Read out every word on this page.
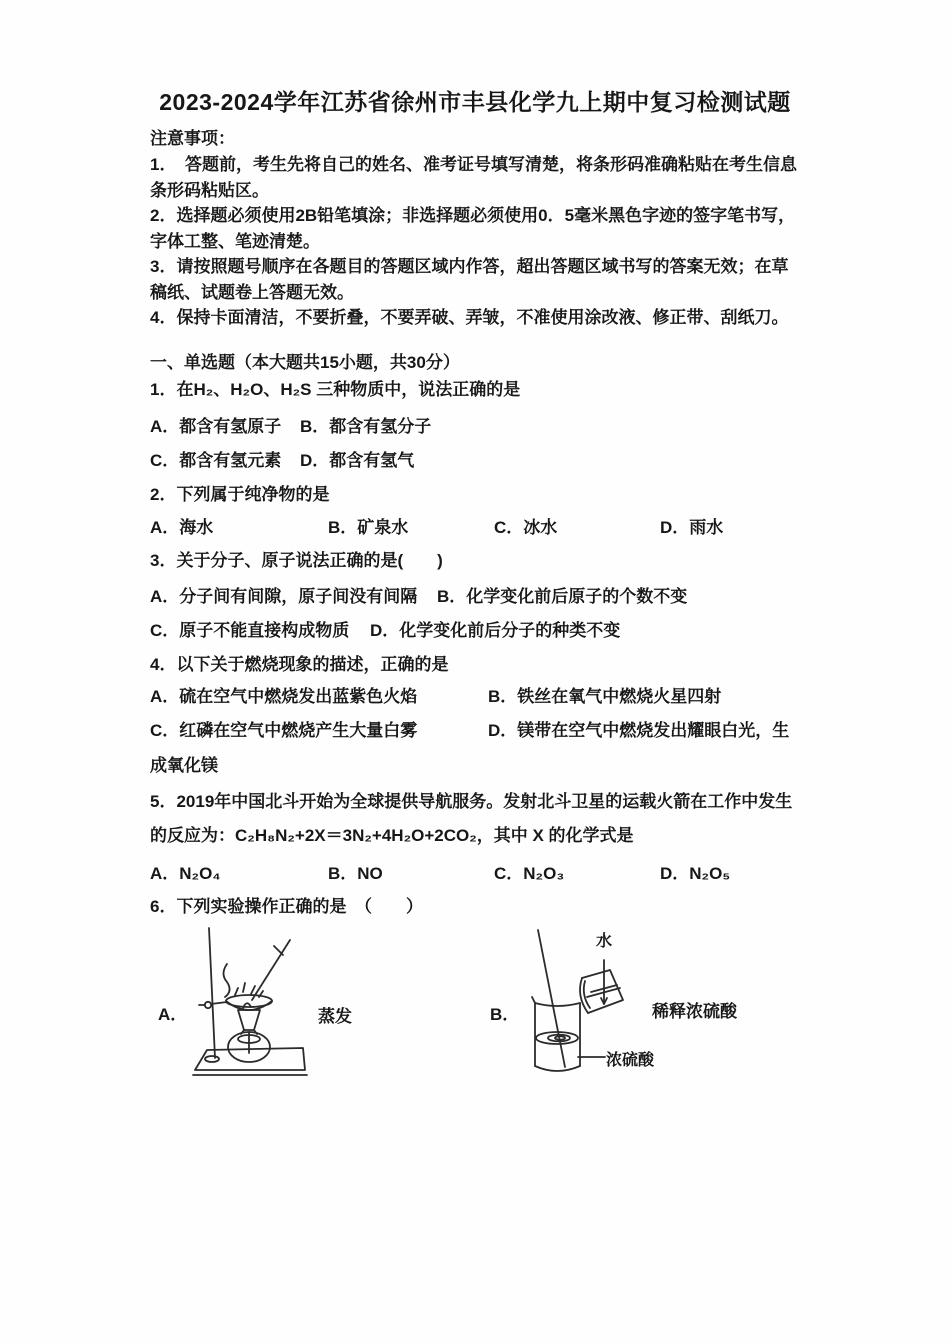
2023-2024学年江苏省徐州市丰县化学九上期中复习检测试题
注意事项：
1．　答题前，考生先将自己的姓名、准考证号填写清楚，将条形码准确粘贴在考生信息
条形码粘贴区。
2．选择题必须使用2B铅笔填涂；非选择题必须使用0．5毫米黑色字迹的签字笔书写，
字体工整、笔迹清楚。
3．请按照题号顺序在各题目的答题区域内作答，超出答题区域书写的答案无效；在草
稿纸、试题卷上答题无效。
4．保持卡面清洁，不要折叠，不要弄破、弄皱，不准使用涂改液、修正带、刮纸刀。
一、单选题（本大题共15小题，共30分）
1．在H₂、H₂O、H₂S 三种物质中，说法正确的是
A．都含有氢原子 B．都含有氢分子
C．都含有氢元素 D．都含有氢气
2．下列属于纯净物的是
A．海水	B．矿泉水	C．冰水	D．雨水
3．关于分子、原子说法正确的是(　　)
A．分子间有间隙，原子间没有间隔 B．化学变化前后原子的个数不变
C．原子不能直接构成物质 D．化学变化前后分子的种类不变
4．以下关于燃烧现象的描述，正确的是
A．硫在空气中燃烧发出蓝紫色火焰	B．铁丝在氧气中燃烧火星四射
C．红磷在空气中燃烧产生大量白雾	D．镁带在空气中燃烧发出耀眼白光，生
成氧化镁
5．2019年中国北斗开始为全球提供导航服务。发射北斗卫星的运载火箭在工作中发生
的反应为：C₂H₈N₂+2X＝3N₂+4H₂O+2CO₂，其中 X 的化学式是
A．N₂O₄	B．NO	C．N₂O₃	D．N₂O₅
6．下列实验操作正确的是　（　　）
A．	蒸发	B．
水
浓硫酸
稀释浓硫酸
